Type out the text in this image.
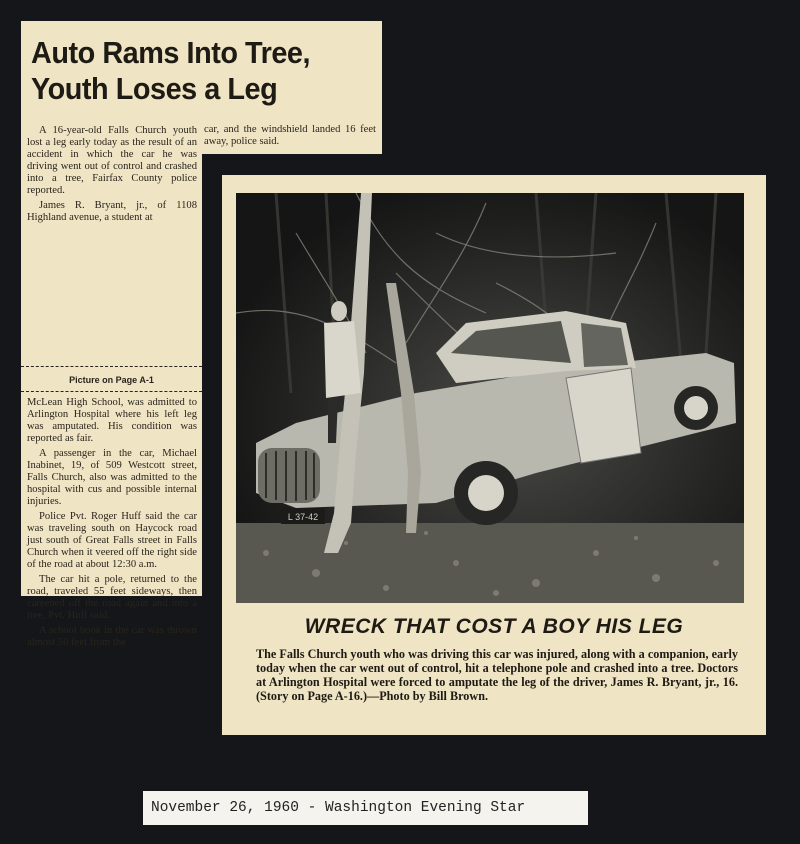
Auto Rams Into Tree,
Youth Loses a Leg
car, and the windshield landed 16 feet away, police said.

A 16-year-old Falls Church youth lost a leg early today as the result of an accident in which the car he was driving went out of control and crashed into a tree, Fairfax County police reported.

James R. Bryant, jr., of 1108 Highland avenue, a student at

Picture on Page A-1

McLean High School, was admitted to Arlington Hospital where his left leg was amputated. His condition was reported as fair.

A passenger in the car, Michael Inabinet, 19, of 509 Westcott street, Falls Church, also was admitted to the hospital with cus and possible internal injuries.

Police Pvt. Roger Huff said the car was traveling south on Haycock road just south of Great Falls street in Falls Church when it veered off the right side of the road at about 12:30 a.m.

The car hit a pole, returned to the road, traveled 55 feet sideways, then careened off the road again and into a tree, Pvt. Huff said.

A school book in the car was thrown almost 50 feet from the

L 37-42
WRECK THAT COST A BOY HIS LEG
The Falls Church youth who was driving this car was injured, along with a companion, early today when the car went out of control, hit a telephone pole and crashed into a tree. Doctors at Arlington Hospital were forced to amputate the leg of the driver, James R. Bryant, jr., 16. (Story on Page A-16.)—Photo by Bill Brown.
November 26, 1960 - Washington Evening Star
